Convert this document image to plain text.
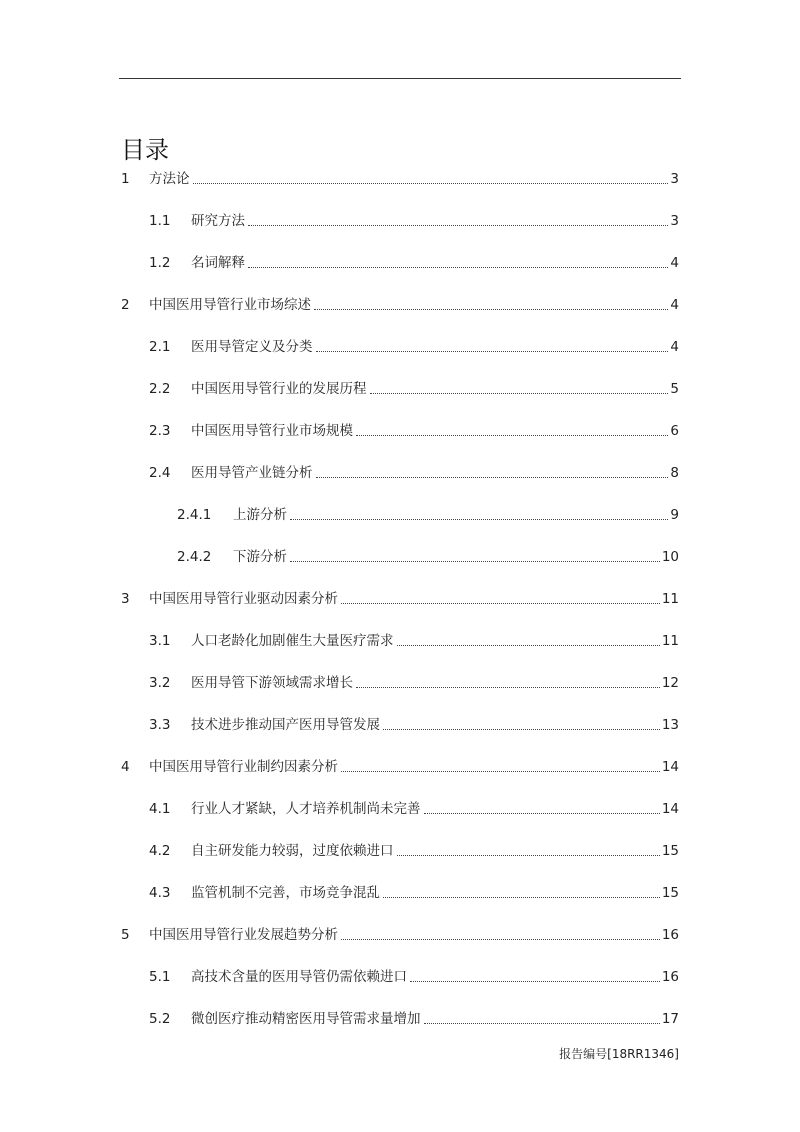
目录
1	方法论	3
1.1	研究方法	3
1.2	名词解释	4
2	中国医用导管行业市场综述	4
2.1	医用导管定义及分类	4
2.2	中国医用导管行业的发展历程	5
2.3	中国医用导管行业市场规模	6
2.4	医用导管产业链分析	8
2.4.1	上游分析	9
2.4.2	下游分析	10
3	中国医用导管行业驱动因素分析	11
3.1	人口老龄化加剧催生大量医疗需求	11
3.2	医用导管下游领域需求增长	12
3.3	技术进步推动国产医用导管发展	13
4	中国医用导管行业制约因素分析	14
4.1	行业人才紧缺，人才培养机制尚未完善	14
4.2	自主研发能力较弱，过度依赖进口	15
4.3	监管机制不完善，市场竞争混乱	15
5	中国医用导管行业发展趋势分析	16
5.1	高技术含量的医用导管仍需依赖进口	16
5.2	微创医疗推动精密医用导管需求量增加	17
报告编号[18RR1346]
